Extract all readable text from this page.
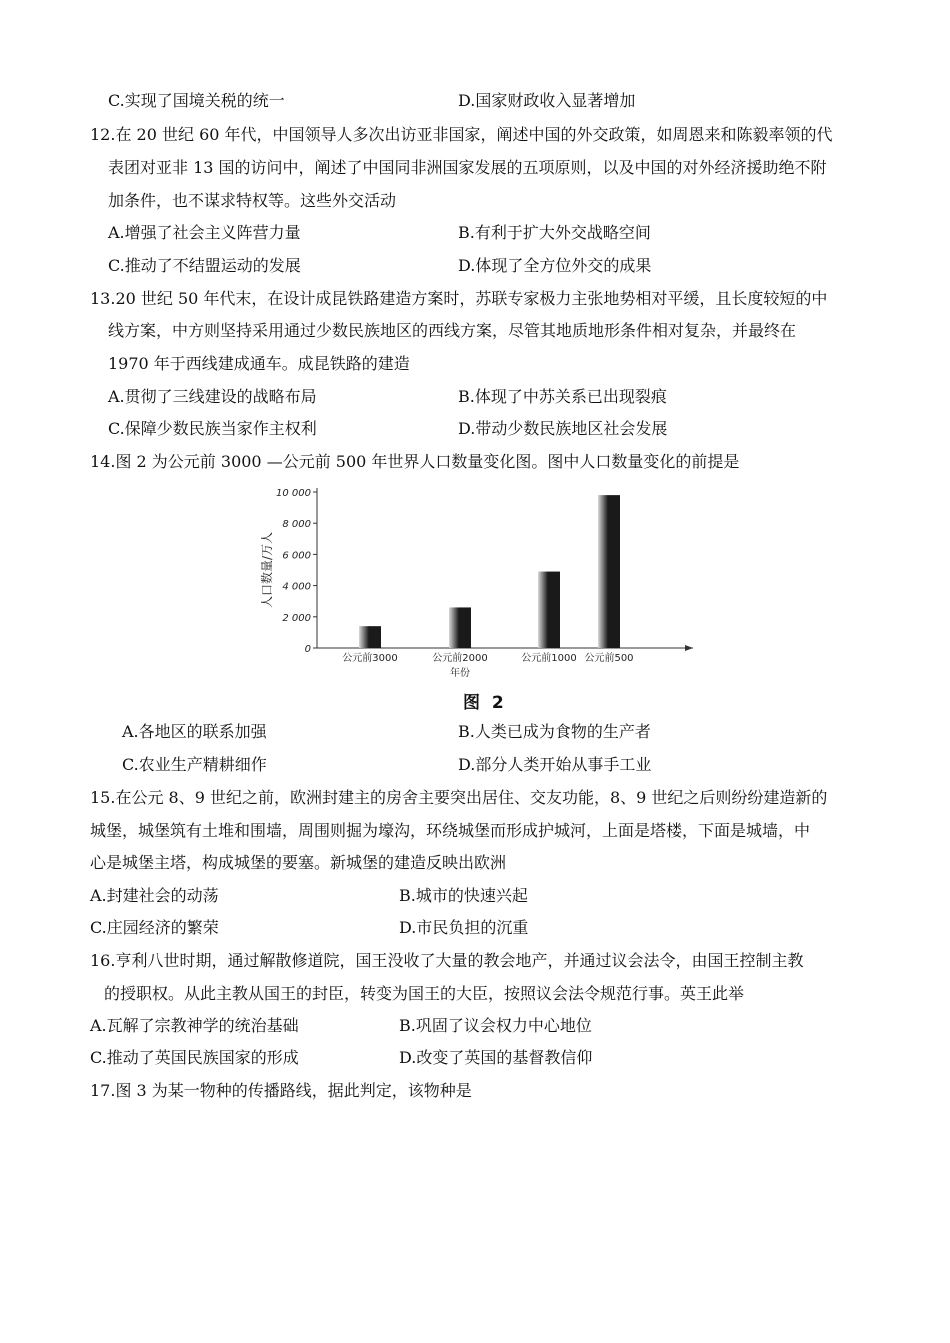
C.实现了国境关税的统一	D.国家财政收入显著增加
12.在 20 世纪 60 年代，中国领导人多次出访亚非国家，阐述中国的外交政策，如周恩来和陈毅率领的代
表团对亚非 13 国的访问中，阐述了中国同非洲国家发展的五项原则，以及中国的对外经济援助绝不附
加条件，也不谋求特权等。这些外交活动
A.增强了社会主义阵营力量	B.有利于扩大外交战略空间
C.推动了不结盟运动的发展	D.体现了全方位外交的成果
13.20 世纪 50 年代末，在设计成昆铁路建造方案时，苏联专家极力主张地势相对平缓，且长度较短的中
线方案，中方则坚持采用通过少数民族地区的西线方案，尽管其地质地形条件相对复杂，并最终在
1970 年于西线建成通车。成昆铁路的建造
A.贯彻了三线建设的战略布局	B.体现了中苏关系已出现裂痕
C.保障少数民族当家作主权利	D.带动少数民族地区社会发展
14.图 2 为公元前 3000 —公元前 500 年世界人口数量变化图。图中人口数量变化的前提是
0
2 000
4 000
6 000
8 000
10 000
人口数量/万人
公元前3000	公元前2000	公元前1000 公元前500
年份
图 2
A.各地区的联系加强	B.人类已成为食物的生产者
C.农业生产精耕细作	D.部分人类开始从事手工业
15.在公元 8、9 世纪之前，欧洲封建主的房舍主要突出居住、交友功能，8、9 世纪之后则纷纷建造新的
城堡，城堡筑有土堆和围墙，周围则掘为壕沟，环绕城堡而形成护城河，上面是塔楼，下面是城墙，中
心是城堡主塔，构成城堡的要塞。新城堡的建造反映出欧洲
A.封建社会的动荡	B.城市的快速兴起
C.庄园经济的繁荣	D.市民负担的沉重
16.亨利八世时期，通过解散修道院，国王没收了大量的教会地产，并通过议会法令，由国王控制主教
的授职权。从此主教从国王的封臣，转变为国王的大臣，按照议会法令规范行事。英王此举
A.瓦解了宗教神学的统治基础	B.巩固了议会权力中心地位
C.推动了英国民族国家的形成	D.改变了英国的基督教信仰
17.图 3 为某一物种的传播路线，据此判定，该物种是
